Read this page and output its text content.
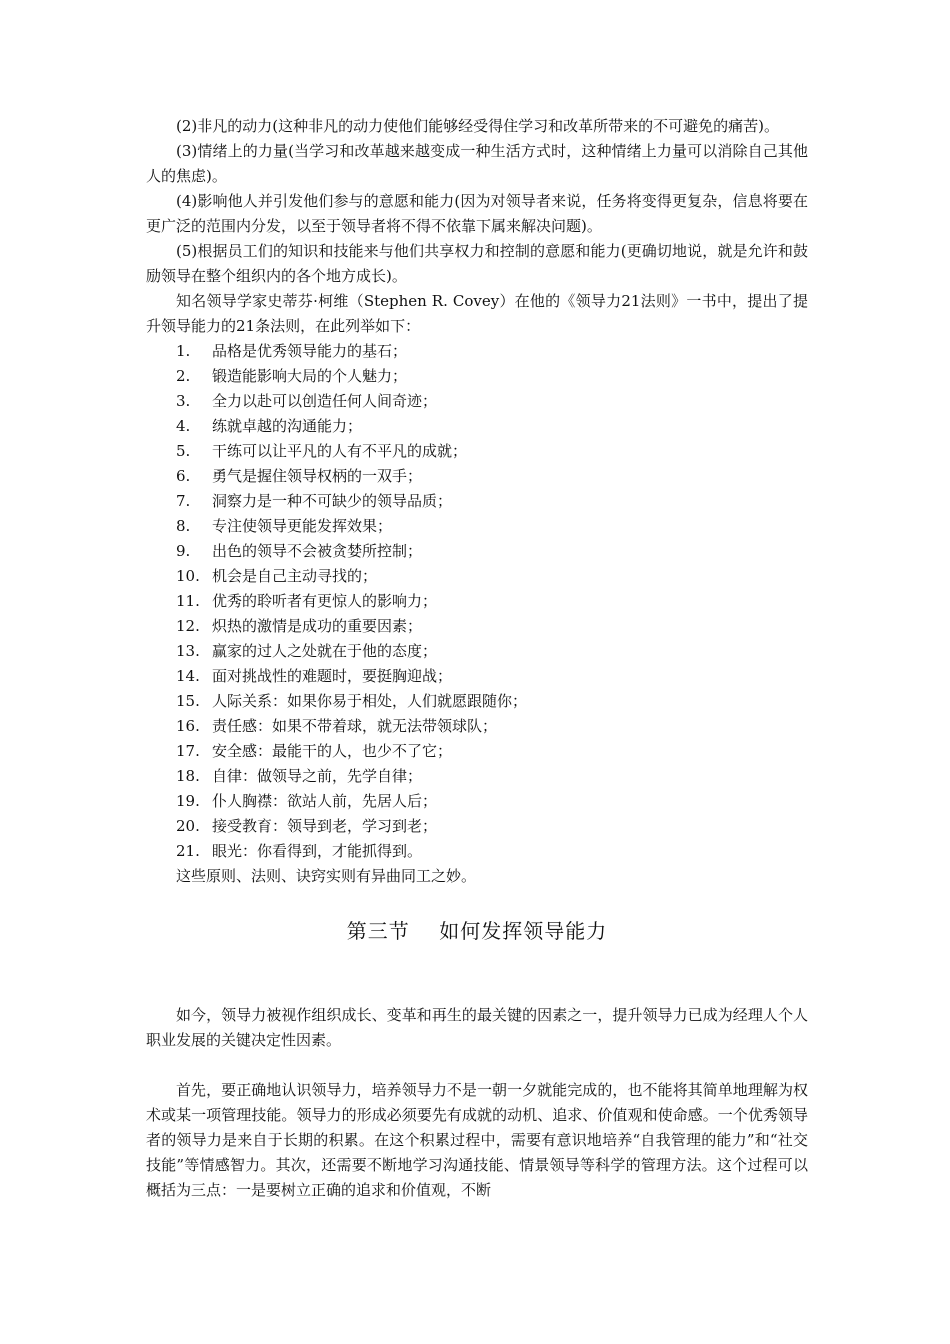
(2)非凡的动力(这种非凡的动力使他们能够经受得住学习和改革所带来的不可避免的痛苦)。

(3)情绪上的力量(当学习和改革越来越变成一种生活方式时，这种情绪上力量可以消除自己其他人的焦虑)。

(4)影响他人并引发他们参与的意愿和能力(因为对领导者来说，任务将变得更复杂，信息将要在更广泛的范围内分发，以至于领导者将不得不依靠下属来解决问题)。

(5)根据员工们的知识和技能来与他们共享权力和控制的意愿和能力(更确切地说，就是允许和鼓励领导在整个组织内的各个地方成长)。

知名领导学家史蒂芬·柯维（Stephen R. Covey）在他的《领导力21法则》一书中，提出了提升领导能力的21条法则，在此列举如下：

1. 品格是优秀领导能力的基石；
2. 锻造能影响大局的个人魅力；
3. 全力以赴可以创造任何人间奇迹；
4. 练就卓越的沟通能力；
5. 干练可以让平凡的人有不平凡的成就；
6. 勇气是握住领导权柄的一双手；
7. 洞察力是一种不可缺少的领导品质；
8. 专注使领导更能发挥效果；
9. 出色的领导不会被贪婪所控制；
10. 机会是自己主动寻找的；
11. 优秀的聆听者有更惊人的影响力；
12. 炽热的激情是成功的重要因素；
13. 赢家的过人之处就在于他的态度；
14. 面对挑战性的难题时，要挺胸迎战；
15. 人际关系：如果你易于相处，人们就愿跟随你；
16. 责任感：如果不带着球，就无法带领球队；
17. 安全感：最能干的人，也少不了它；
18. 自律：做领导之前，先学自律；
19. 仆人胸襟：欲站人前，先居人后；
20. 接受教育：领导到老，学习到老；
21. 眼光：你看得到，才能抓得到。

这些原则、法则、诀窍实则有异曲同工之妙。

第三节    如何发挥领导能力

如今，领导力被视作组织成长、变革和再生的最关键的因素之一，提升领导力已成为经理人个人职业发展的关键决定性因素。

首先，要正确地认识领导力，培养领导力不是一朝一夕就能完成的，也不能将其简单地理解为权术或某一项管理技能。领导力的形成必须要先有成就的动机、追求、价值观和使命感。一个优秀领导者的领导力是来自于长期的积累。在这个积累过程中，需要有意识地培养“自我管理的能力”和“社交技能”等情感智力。其次，还需要不断地学习沟通技能、情景领导等科学的管理方法。这个过程可以概括为三点：一是要树立正确的追求和价值观，不断
